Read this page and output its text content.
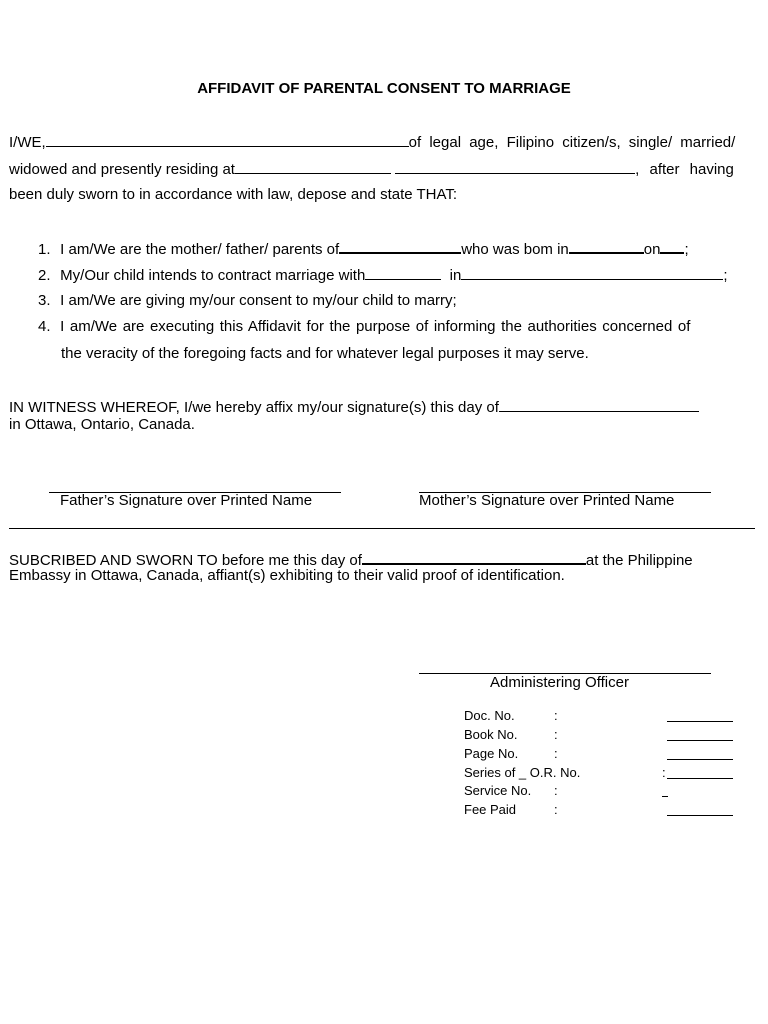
AFFIDAVIT OF PARENTAL CONSENT TO MARRIAGE
I/WE,	of legal age, Filipino citizen/s, single/ married/
widowed and presently residing at	, after having
been duly sworn to in accordance with law, depose and state THAT:
1. I am/We are the mother/ father/ parents of	who was bom in	on ;
2. My/Our child intends to contract marriage with	in	;
3. I am/We are giving my/our consent to my/our child to marry;
4. I am/We are executing this Affidavit for the purpose of informing the authorities concerned of
the veracity of the foregoing facts and for whatever legal purposes it may serve.
IN WITNESS WHEREOF, I/we hereby affix my/our signature(s) this day of
in Ottawa, Ontario, Canada.
Father’s Signature over Printed Name	Mother’s Signature over Printed Name
SUBCRIBED AND SWORN TO before me this day of	at the Philippine
Embassy in Ottawa, Canada, affiant(s) exhibiting to their valid proof of identification.
Administering Officer
Doc. No.	:
Book No.	:
Page No.	:
Series of _ O.R. No.	:
Service No. :
Fee Paid	:
